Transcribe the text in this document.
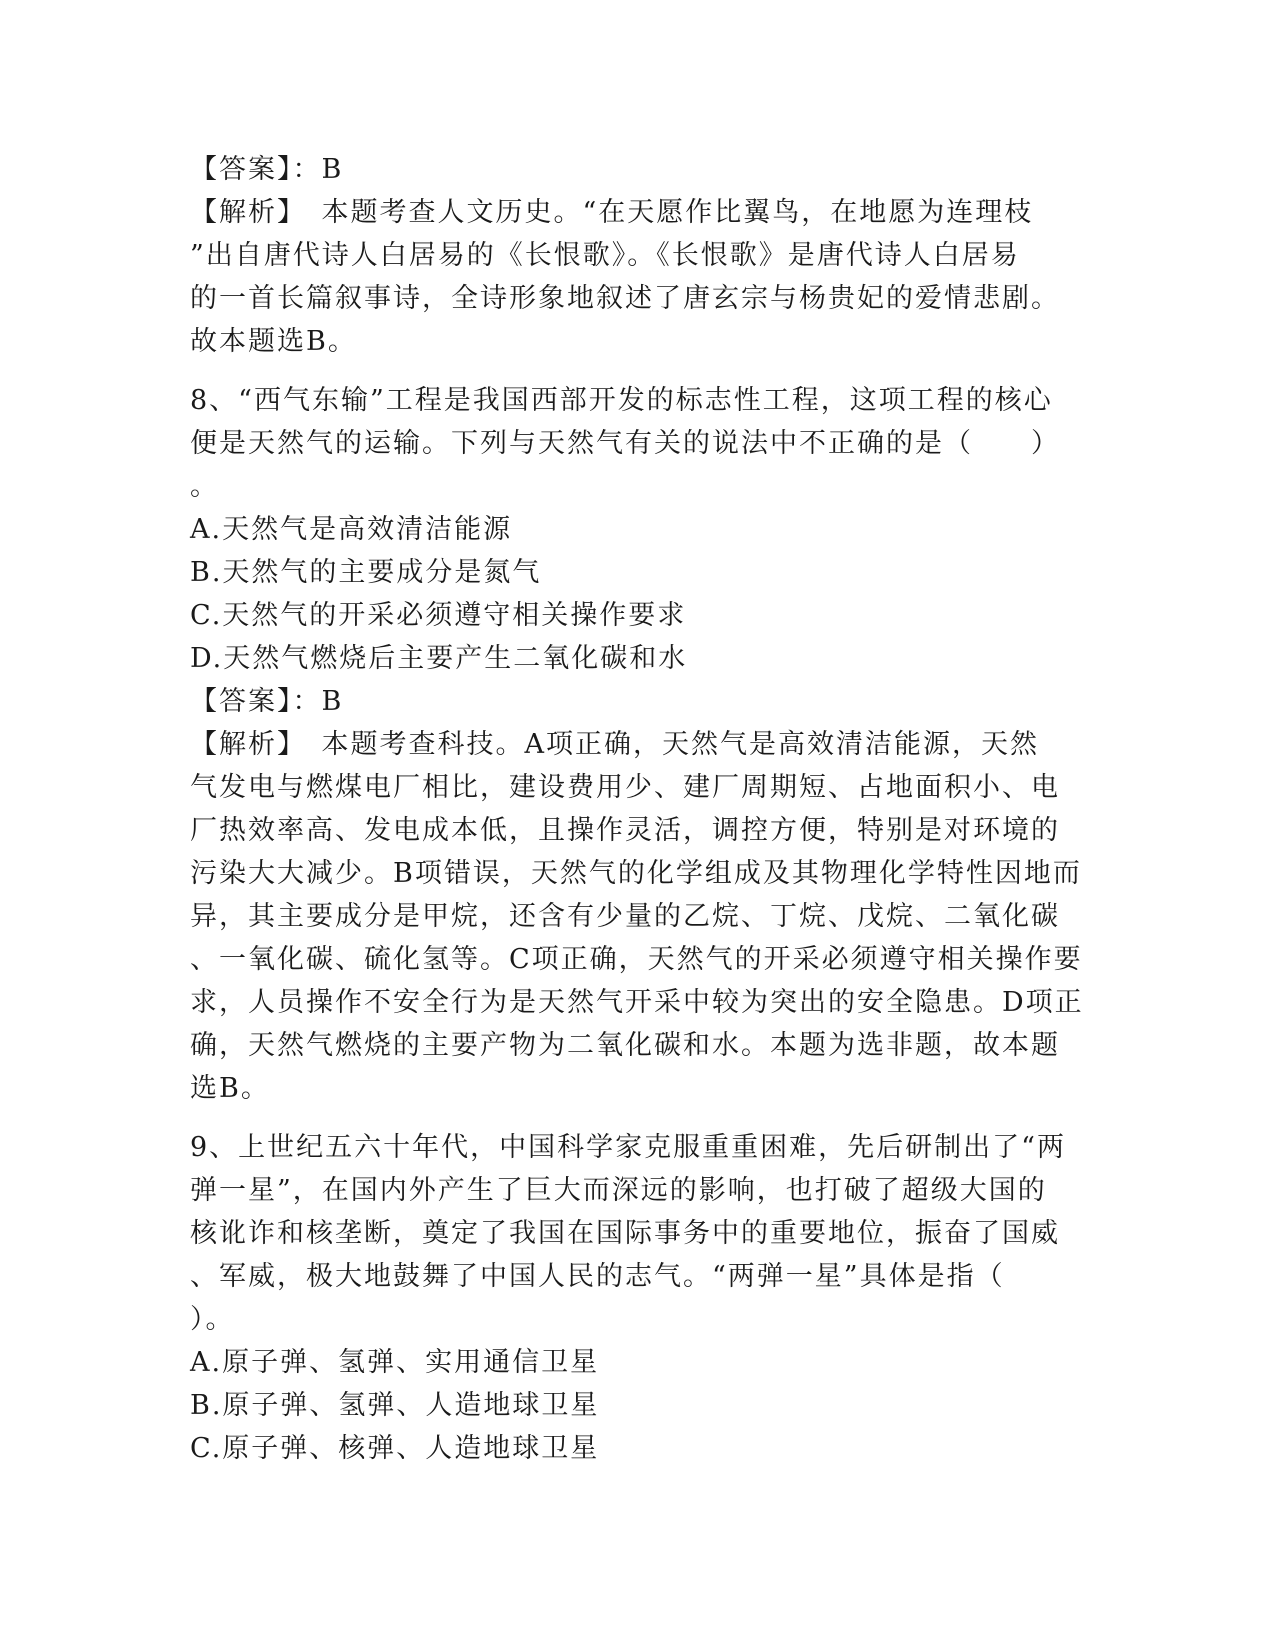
【答案】：B
【解析】　本题考查人文历史。“在天愿作比翼鸟，在地愿为连理枝
”出自唐代诗人白居易的《长恨歌》。《长恨歌》是唐代诗人白居易
的一首长篇叙事诗，全诗形象地叙述了唐玄宗与杨贵妃的爱情悲剧。
故本题选B。
8、“西气东输”工程是我国西部开发的标志性工程，这项工程的核心
便是天然气的运输。下列与天然气有关的说法中不正确的是（　　）
。
A.天然气是高效清洁能源
B.天然气的主要成分是氮气
C.天然气的开采必须遵守相关操作要求
D.天然气燃烧后主要产生二氧化碳和水
【答案】：B
【解析】　本题考查科技。A项正确，天然气是高效清洁能源，天然
气发电与燃煤电厂相比，建设费用少、建厂周期短、占地面积小、电
厂热效率高、发电成本低，且操作灵活，调控方便，特别是对环境的
污染大大减少。B项错误，天然气的化学组成及其物理化学特性因地而
异，其主要成分是甲烷，还含有少量的乙烷、丁烷、戊烷、二氧化碳
、一氧化碳、硫化氢等。C项正确，天然气的开采必须遵守相关操作要
求，人员操作不安全行为是天然气开采中较为突出的安全隐患。D项正
确，天然气燃烧的主要产物为二氧化碳和水。本题为选非题，故本题
选B。
9、上世纪五六十年代，中国科学家克服重重困难，先后研制出了“两
弹一星”，在国内外产生了巨大而深远的影响，也打破了超级大国的
核讹诈和核垄断，奠定了我国在国际事务中的重要地位，振奋了国威
、军威，极大地鼓舞了中国人民的志气。“两弹一星”具体是指（
）。
A.原子弹、氢弹、实用通信卫星
B.原子弹、氢弹、人造地球卫星
C.原子弹、核弹、人造地球卫星
